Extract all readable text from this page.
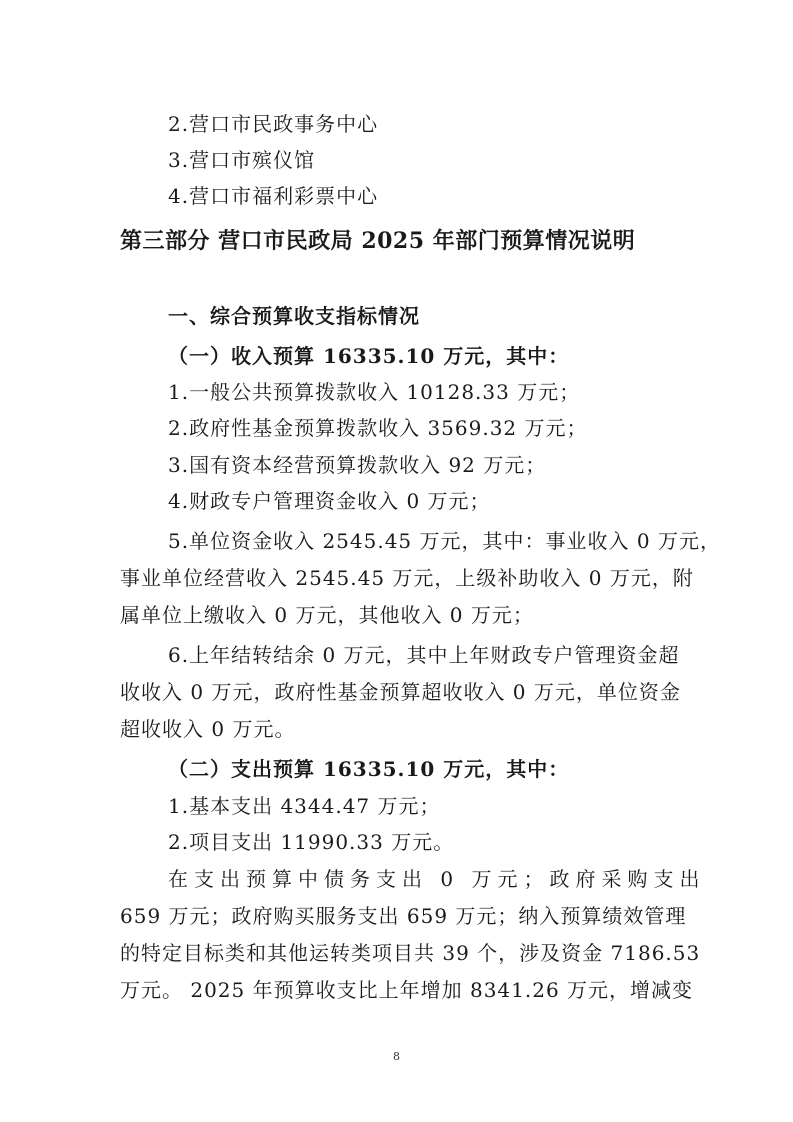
2.营口市民政事务中心
3.营口市殡仪馆
4.营口市福利彩票中心
第三部分 营口市民政局 2025 年部门预算情况说明
一、综合预算收支指标情况
（一）收入预算 16335.10 万元，其中：
1.一般公共预算拨款收入 10128.33 万元；
2.政府性基金预算拨款收入 3569.32 万元；
3.国有资本经营预算拨款收入 92 万元；
4.财政专户管理资金收入 0 万元；
5.单位资金收入 2545.45 万元，其中：事业收入 0 万元，
事业单位经营收入 2545.45 万元，上级补助收入 0 万元，附
属单位上缴收入 0 万元，其他收入 0 万元；
6.上年结转结余 0 万元，其中上年财政专户管理资金超
收收入 0 万元，政府性基金预算超收收入 0 万元，单位资金
超收收入 0 万元。
（二）支出预算 16335.10 万元，其中：
1.基本支出 4344.47 万元；
2.项目支出 11990.33 万元。
在支出预算中债务支出 0 万元；政府采购支出
659 万元；政府购买服务支出 659 万元；纳入预算绩效管理
的特定目标类和其他运转类项目共 39 个，涉及资金 7186.53
万元。 2025 年预算收支比上年增加 8341.26 万元，增减变
8
